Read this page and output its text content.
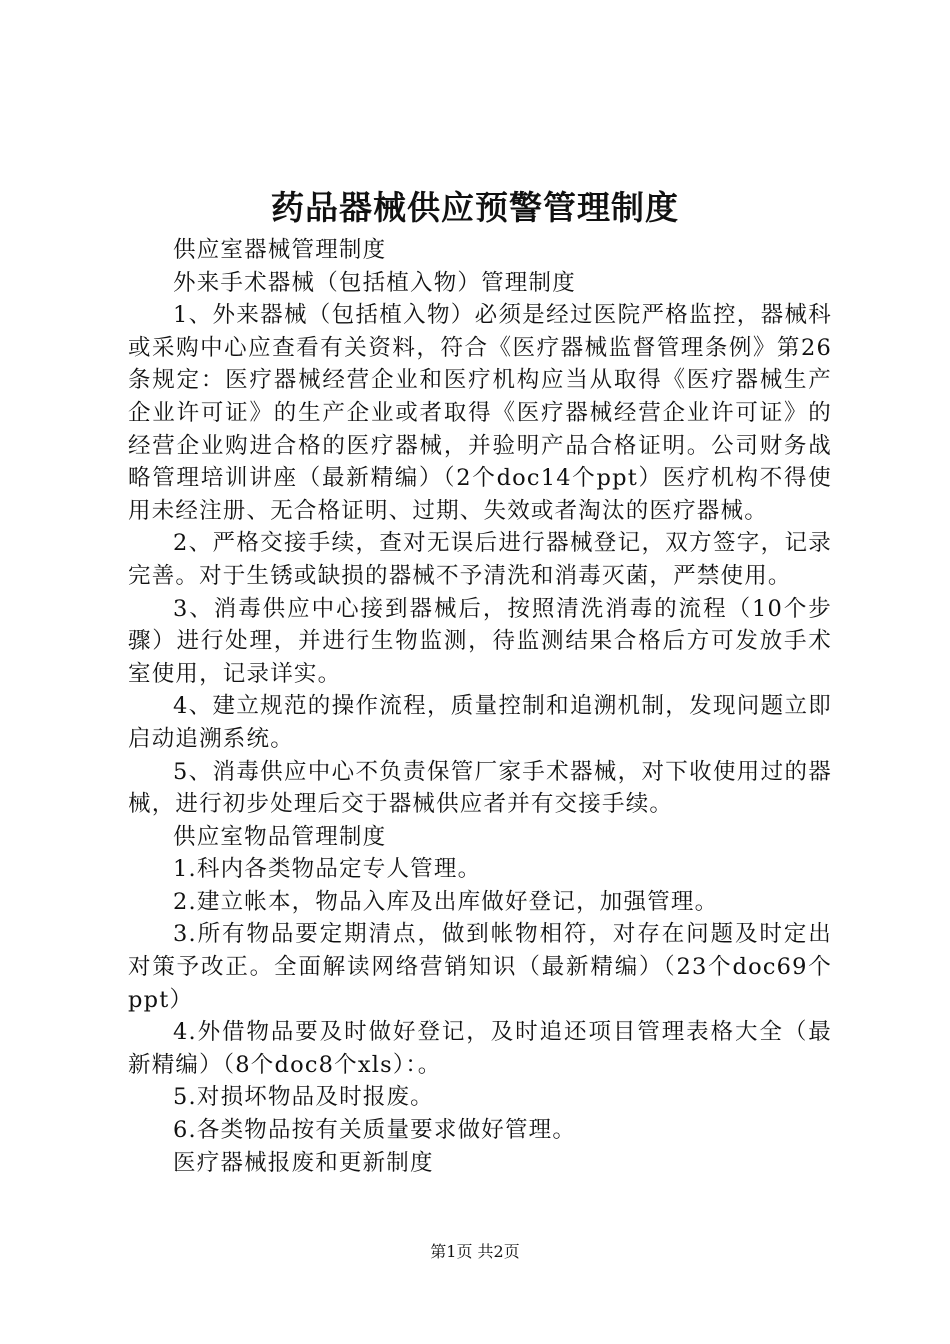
药品器械供应预警管理制度

供应室器械管理制度

外来手术器械（包括植入物）管理制度

1、外来器械（包括植入物）必须是经过医院严格监控，器械科或采购中心应查看有关资料，符合《医疗器械监督管理条例》第26条规定：医疗器械经营企业和医疗机构应当从取得《医疗器械生产企业许可证》的生产企业或者取得《医疗器械经营企业许可证》的经营企业购进合格的医疗器械，并验明产品合格证明。公司财务战略管理培训讲座（最新精编）（2个doc14个ppt）医疗机构不得使用未经注册、无合格证明、过期、失效或者淘汰的医疗器械。

2、严格交接手续，查对无误后进行器械登记，双方签字，记录完善。对于生锈或缺损的器械不予清洗和消毒灭菌，严禁使用。

3、消毒供应中心接到器械后，按照清洗消毒的流程（10个步骤）进行处理，并进行生物监测，待监测结果合格后方可发放手术室使用，记录详实。

4、建立规范的操作流程，质量控制和追溯机制，发现问题立即启动追溯系统。

5、消毒供应中心不负责保管厂家手术器械，对下收使用过的器械，进行初步处理后交于器械供应者并有交接手续。

供应室物品管理制度

1.科内各类物品定专人管理。

2.建立帐本，物品入库及出库做好登记，加强管理。

3.所有物品要定期清点，做到帐物相符，对存在问题及时定出对策予改正。全面解读网络营销知识（最新精编）（23个doc69个ppt）

4.外借物品要及时做好登记，及时追还项目管理表格大全（最新精编）（8个doc8个xls）：。

5.对损坏物品及时报废。

6.各类物品按有关质量要求做好管理。

医疗器械报废和更新制度

第1页 共2页
